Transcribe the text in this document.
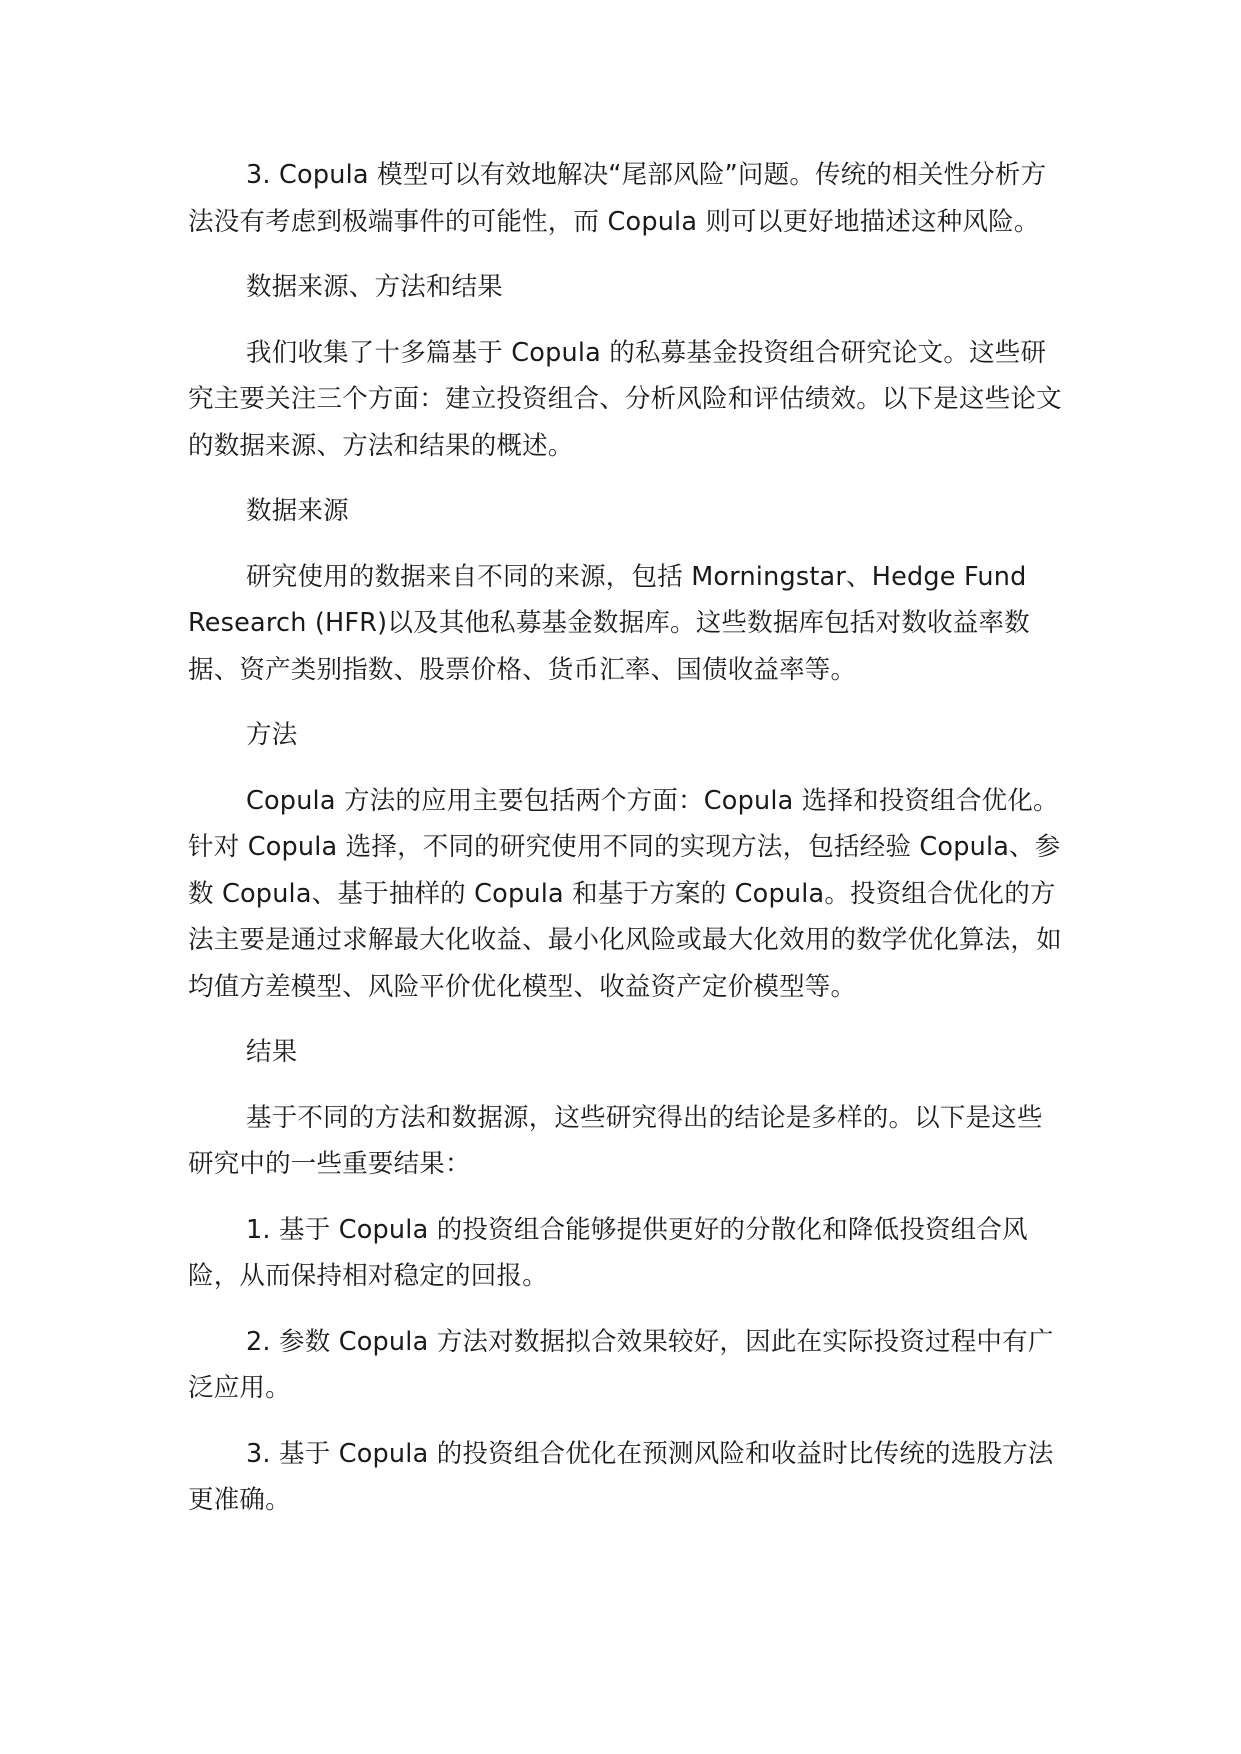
3. Copula 模型可以有效地解决“尾部风险”问题。传统的相关性分析方法没有考虑到极端事件的可能性，而 Copula 则可以更好地描述这种风险。

数据来源、方法和结果

我们收集了十多篇基于 Copula 的私募基金投资组合研究论文。这些研究主要关注三个方面：建立投资组合、分析风险和评估绩效。以下是这些论文的数据来源、方法和结果的概述。

数据来源

研究使用的数据来自不同的来源，包括 Morningstar、Hedge Fund Research (HFR)以及其他私募基金数据库。这些数据库包括对数收益率数据、资产类别指数、股票价格、货币汇率、国债收益率等。

方法

Copula 方法的应用主要包括两个方面：Copula 选择和投资组合优化。针对 Copula 选择，不同的研究使用不同的实现方法，包括经验 Copula、参数 Copula、基于抽样的 Copula 和基于方案的 Copula。投资组合优化的方法主要是通过求解最大化收益、最小化风险或最大化效用的数学优化算法，如均值方差模型、风险平价优化模型、收益资产定价模型等。

结果

基于不同的方法和数据源，这些研究得出的结论是多样的。以下是这些研究中的一些重要结果：

1. 基于 Copula 的投资组合能够提供更好的分散化和降低投资组合风险，从而保持相对稳定的回报。

2. 参数 Copula 方法对数据拟合效果较好，因此在实际投资过程中有广泛应用。

3. 基于 Copula 的投资组合优化在预测风险和收益时比传统的选股方法更准确。
